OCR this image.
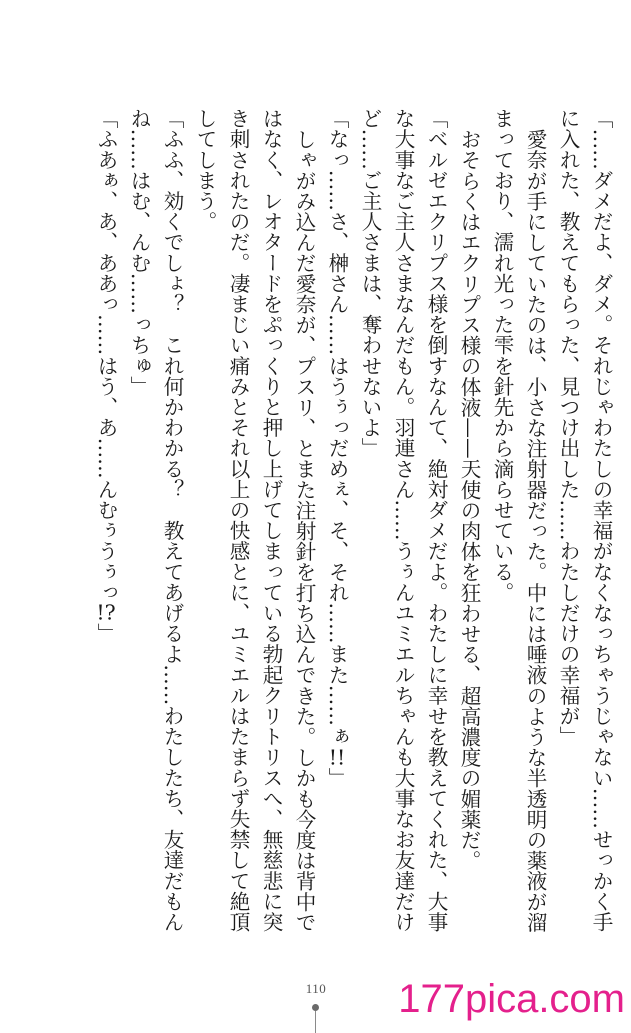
「……ダメだよ、ダメ。それじゃわたしの幸福がなくなっちゃうじゃない……せっかく手
に入れた、教えてもらった、見つけ出した……わたしだけの幸福が」
愛奈が手にしていたのは、小さな注射器だった。中には唾液のような半透明の薬液が溜
まっており、濡れ光った雫を針先から滴らせている。
おそらくはエクリプス様の体液——天使の肉体を狂わせる、超高濃度の媚薬だ。
「ベルゼエクリプス様を倒すなんて、絶対ダメだよ。わたしに幸せを教えてくれた、大事
な大事なご主人さまなんだもん。羽連さん……うぅんユミエルちゃんも大事なお友達だけ
ど……ご主人さまは、奪わせないよ」
「なっ……さ、榊さん……はうぅっだめぇ、そ、それ……また……ぁ!!」
しゃがみ込んだ愛奈が、プスリ、とまた注射針を打ち込んできた。しかも今度は背中で
はなく、レオタードをぷっくりと押し上げてしまっている勃起クリトリスへ、無慈悲に突
き刺されたのだ。凄まじい痛みとそれ以上の快感とに、ユミエルはたまらず失禁して絶頂
してしまう。
「ふふ、効くでしょ？　これ何かわかる？　教えてあげるよ……わたしたち、友達だもん
ね……はむ、んむ……っちゅ」
「ふあぁ、あ、ああっ……はう、あ……んむぅうぅっ!?」
110 177pica.com
